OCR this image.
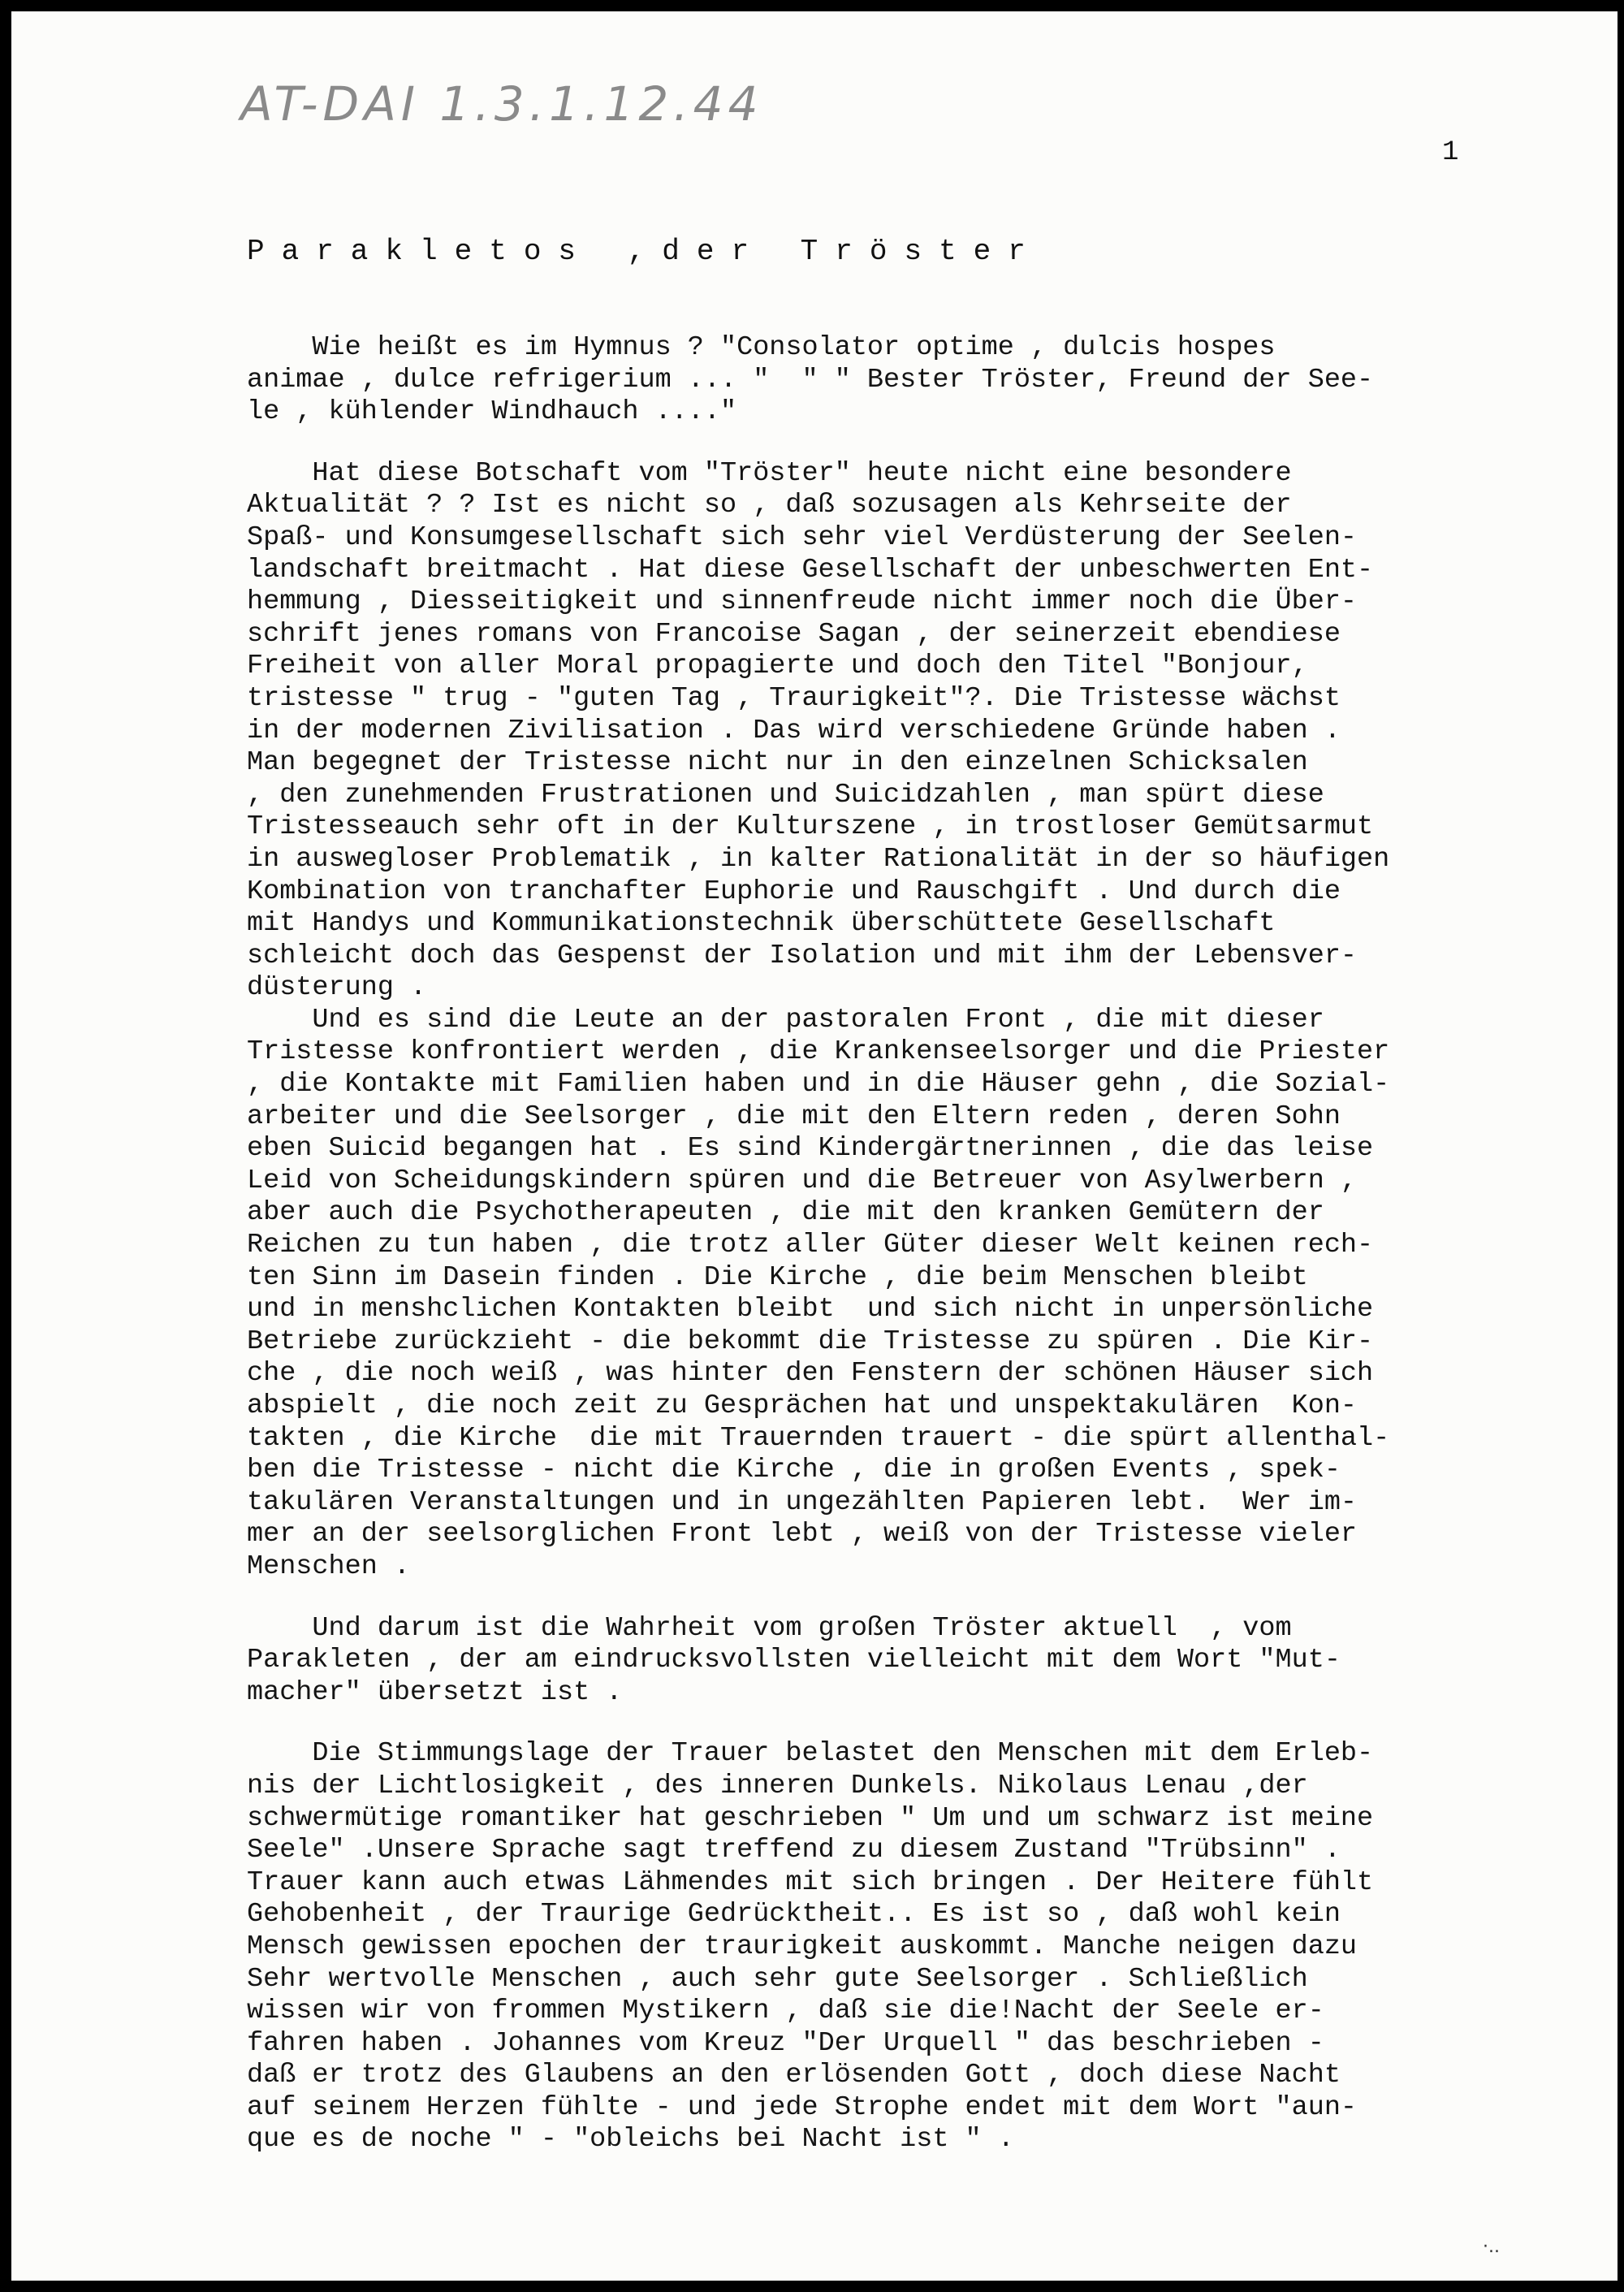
AT-DAI 1.3.1.12.44
1
Parakletos ,der Tröster
Wie heißt es im Hymnus ? "Consolator optime , dulcis hospes
animae , dulce refrigerium ... "  " " Bester Tröster, Freund der See-
le , kühlender Windhauch ...."
Hat diese Botschaft vom "Tröster" heute nicht eine besondere
Aktualität ? ? Ist es nicht so , daß sozusagen als Kehrseite der
Spaß- und Konsumgesellschaft sich sehr viel Verdüsterung der Seelen-
landschaft breitmacht . Hat diese Gesellschaft der unbeschwerten Ent-
hemmung , Diesseitigkeit und sinnenfreude nicht immer noch die Über-
schrift jenes romans von Francoise Sagan , der seinerzeit ebendiese
Freiheit von aller Moral propagierte und doch den Titel "Bonjour,
tristesse " trug - "guten Tag , Traurigkeit"?. Die Tristesse wächst
in der modernen Zivilisation . Das wird verschiedene Gründe haben .
Man begegnet der Tristesse nicht nur in den einzelnen Schicksalen
, den zunehmenden Frustrationen und Suicidzahlen , man spürt diese
Tristesseauch sehr oft in der Kulturszene , in trostloser Gemütsarmut
in auswegloser Problematik , in kalter Rationalität in der so häufigen
Kombination von tranchafter Euphorie und Rauschgift . Und durch die
mit Handys und Kommunikationstechnik überschüttete Gesellschaft
schleicht doch das Gespenst der Isolation und mit ihm der Lebensver-
düsterung .
Und es sind die Leute an der pastoralen Front , die mit dieser
Tristesse konfrontiert werden , die Krankenseelsorger und die Priester
, die Kontakte mit Familien haben und in die Häuser gehn , die Sozial-
arbeiter und die Seelsorger , die mit den Eltern reden , deren Sohn
eben Suicid begangen hat . Es sind Kindergärtnerinnen , die das leise
Leid von Scheidungskindern spüren und die Betreuer von Asylwerbern ,
aber auch die Psychotherapeuten , die mit den kranken Gemütern der
Reichen zu tun haben , die trotz aller Güter dieser Welt keinen rech-
ten Sinn im Dasein finden . Die Kirche , die beim Menschen bleibt
und in menshclichen Kontakten bleibt  und sich nicht in unpersönliche
Betriebe zurückzieht - die bekommt die Tristesse zu spüren . Die Kir-
che , die noch weiß , was hinter den Fenstern der schönen Häuser sich
abspielt , die noch zeit zu Gesprächen hat und unspektakulären  Kon-
takten , die Kirche  die mit Trauernden trauert - die spürt allenthal-
ben die Tristesse - nicht die Kirche , die in großen Events , spek-
takulären Veranstaltungen und in ungezählten Papieren lebt.  Wer im-
mer an der seelsorglichen Front lebt , weiß von der Tristesse vieler
Menschen .
Und darum ist die Wahrheit vom großen Tröster aktuell  , vom
Parakleten , der am eindrucksvollsten vielleicht mit dem Wort "Mut-
macher" übersetzt ist .
Die Stimmungslage der Trauer belastet den Menschen mit dem Erleb-
nis der Lichtlosigkeit , des inneren Dunkels. Nikolaus Lenau ,der
schwermütige romantiker hat geschrieben " Um und um schwarz ist meine
Seele" .Unsere Sprache sagt treffend zu diesem Zustand "Trübsinn" .
Trauer kann auch etwas Lähmendes mit sich bringen . Der Heitere fühlt
Gehobenheit , der Traurige Gedrücktheit.. Es ist so , daß wohl kein
Mensch gewissen epochen der traurigkeit auskommt. Manche neigen dazu
Sehr wertvolle Menschen , auch sehr gute Seelsorger . Schließlich
wissen wir von frommen Mystikern , daß sie die!Nacht der Seele er-
fahren haben . Johannes vom Kreuz "Der Urquell " das beschrieben -
daß er trotz des Glaubens an den erlösenden Gott , doch diese Nacht
auf seinem Herzen fühlte - und jede Strophe endet mit dem Wort "aun-
que es de noche " - "obleichs bei Nacht ist " .
·..
